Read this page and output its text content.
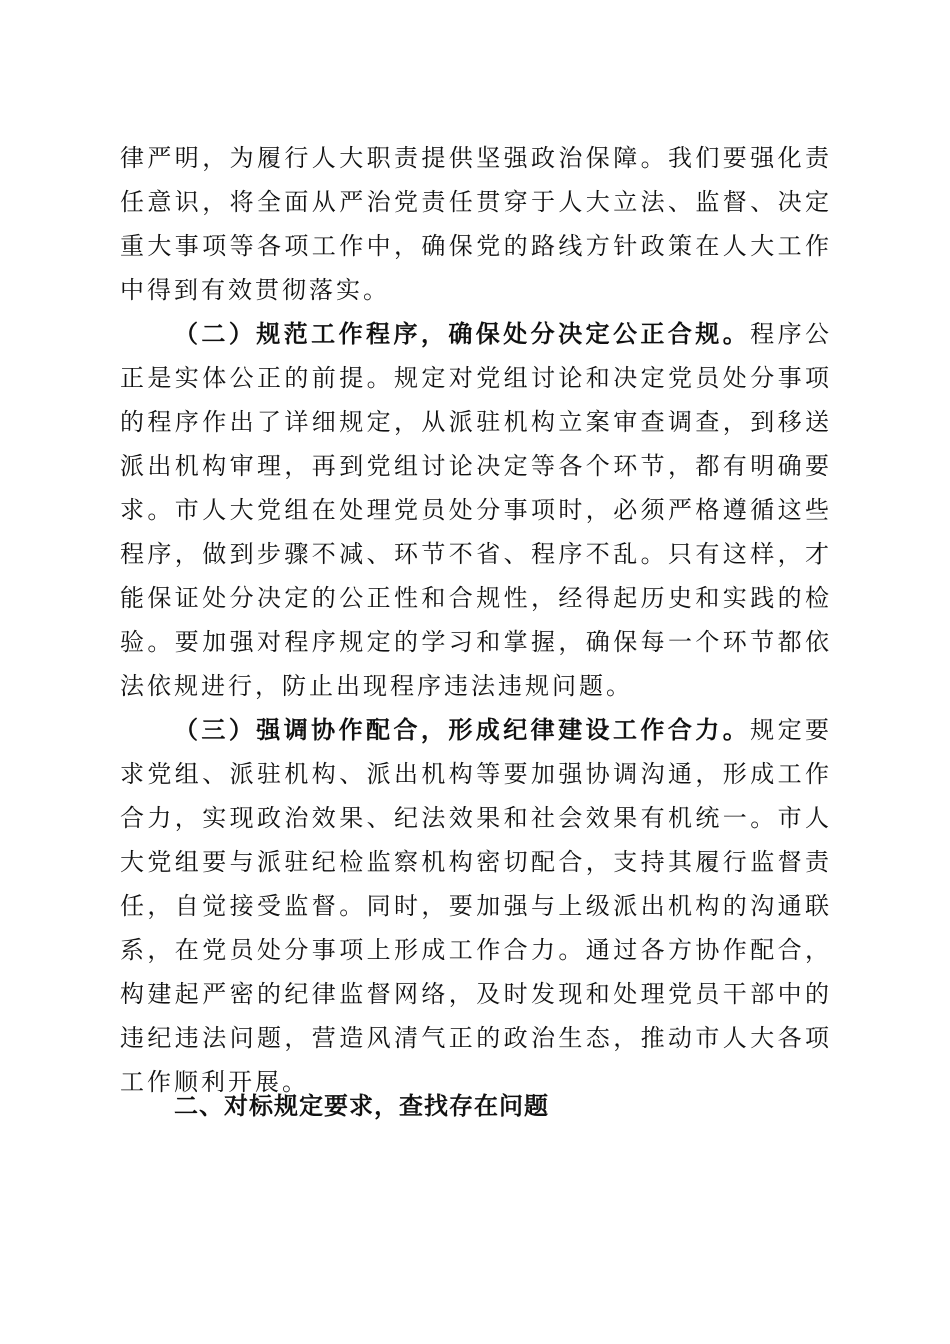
律严明，为履行人大职责提供坚强政治保障。我们要强化责任意识，将全面从严治党责任贯穿于人大立法、监督、决定重大事项等各项工作中，确保党的路线方针政策在人大工作中得到有效贯彻落实。

（二）规范工作程序，确保处分决定公正合规。程序公正是实体公正的前提。规定对党组讨论和决定党员处分事项的程序作出了详细规定，从派驻机构立案审查调查，到移送派出机构审理，再到党组讨论决定等各个环节，都有明确要求。市人大党组在处理党员处分事项时，必须严格遵循这些程序，做到步骤不减、环节不省、程序不乱。只有这样，才能保证处分决定的公正性和合规性，经得起历史和实践的检验。要加强对程序规定的学习和掌握，确保每一个环节都依法依规进行，防止出现程序违法违规问题。

（三）强调协作配合，形成纪律建设工作合力。规定要求党组、派驻机构、派出机构等要加强协调沟通，形成工作合力，实现政治效果、纪法效果和社会效果有机统一。市人大党组要与派驻纪检监察机构密切配合，支持其履行监督责任，自觉接受监督。同时，要加强与上级派出机构的沟通联系，在党员处分事项上形成工作合力。通过各方协作配合，构建起严密的纪律监督网络，及时发现和处理党员干部中的违纪违法问题，营造风清气正的政治生态，推动市人大各项工作顺利开展。

二、对标规定要求，查找存在问题
